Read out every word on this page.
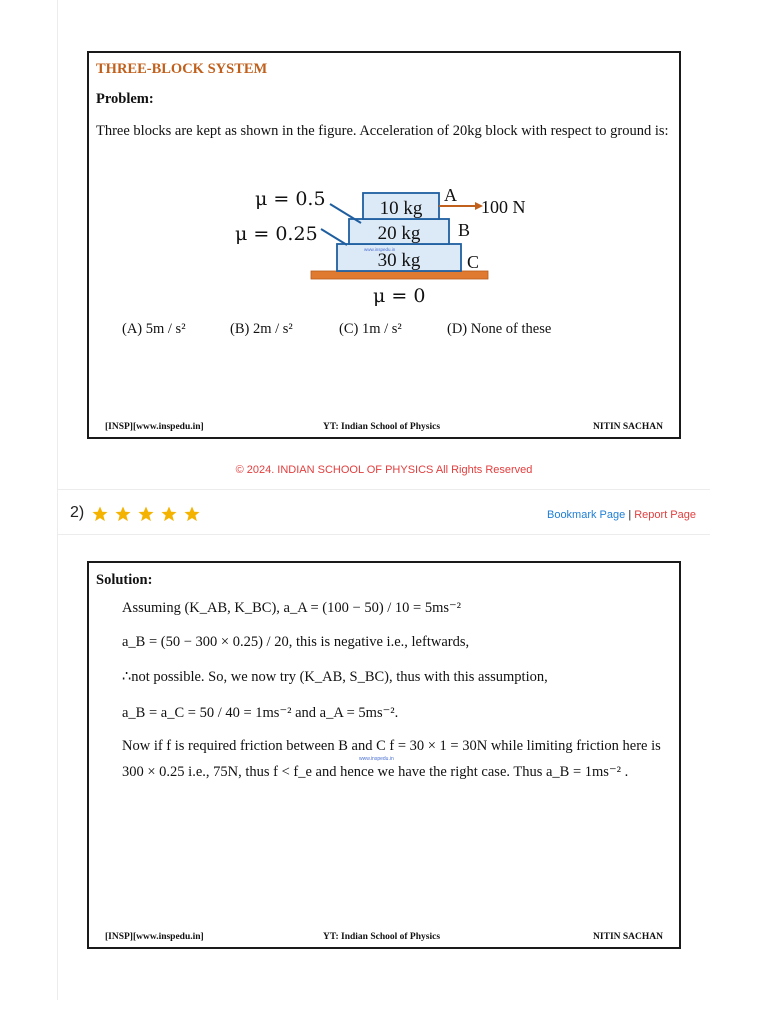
THREE-BLOCK SYSTEM
Problem:
Three blocks are kept as shown in the figure. Acceleration of 20kg block with respect to ground is:
10 kg
20 kg
30 kg
www.inspedu.in
μ = 0.5
μ = 0.25
μ = 0
100 N
A
B
C
(A) 5m / s²	(B) 2m / s²	(C) 1m / s²	(D) None of these
[INSP][www.inspedu.in]	YT: Indian School of Physics	NITIN SACHAN
© 2024. INDIAN SCHOOL OF PHYSICS All Rights Reserved
2)
	Bookmark Page | Report Page
Solution:
Assuming (K_AB, K_BC), a_A = (100 − 50) / 10 = 5ms⁻²
a_B = (50 − 300 × 0.25) / 20, this is negative i.e., leftwards,
∴not possible. So, we now try (K_AB, S_BC), thus with this assumption,
a_B = a_C = 50 / 40 = 1ms⁻² and a_A = 5ms⁻².
Now if f is required friction between B and C f = 30 × 1 = 30N while limiting friction here is
www.inspedu.in
300 × 0.25 i.e., 75N, thus f < f_e and hence we have the right case. Thus a_B = 1ms⁻² .
[INSP][www.inspedu.in]	YT: Indian School of Physics	NITIN SACHAN
